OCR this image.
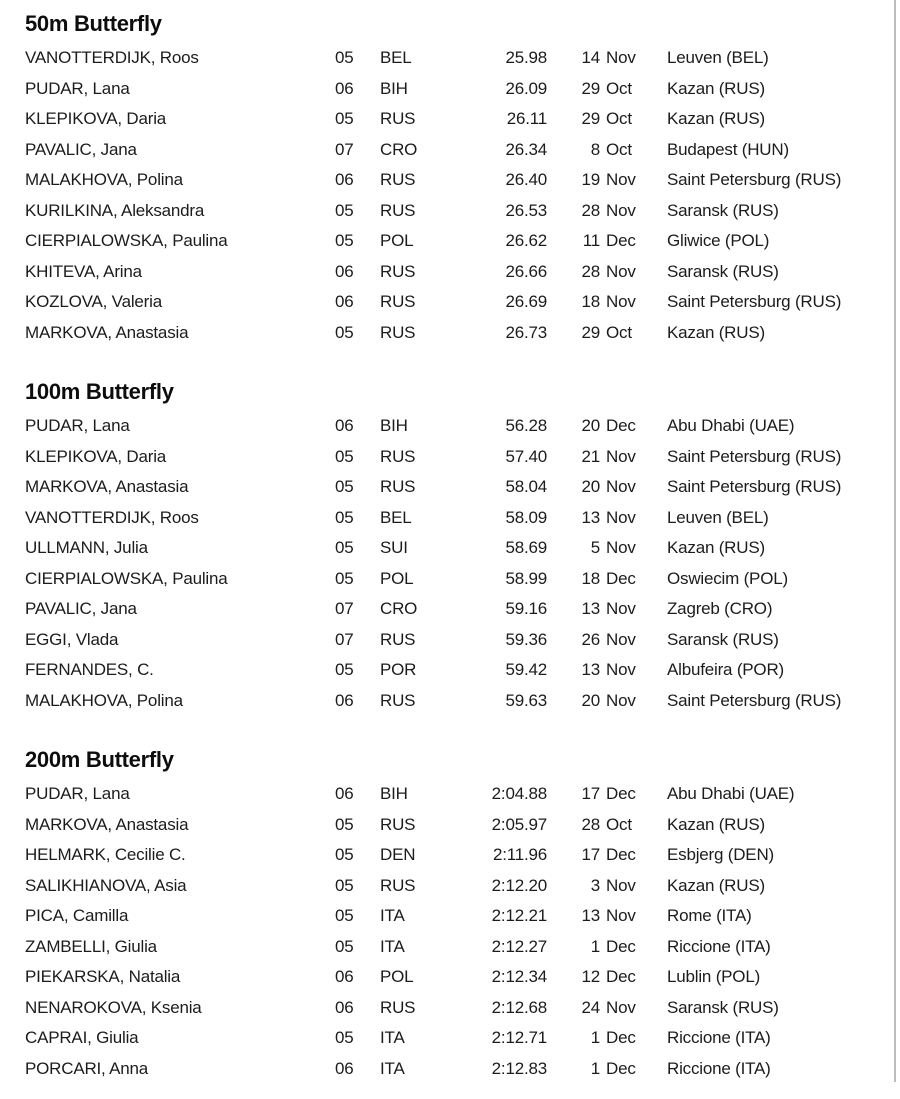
50m Butterfly
VANOTTERDIJK, Roos	05	BEL	25.98	14 Nov	Leuven (BEL)
PUDAR, Lana	06	BIH	26.09	29 Oct	Kazan (RUS)
KLEPIKOVA, Daria	05	RUS	26.11	29 Oct	Kazan (RUS)
PAVALIC, Jana	07	CRO	26.34	8 Oct	Budapest (HUN)
MALAKHOVA, Polina	06	RUS	26.40	19 Nov	Saint Petersburg (RUS)
KURILKINA, Aleksandra	05	RUS	26.53	28 Nov	Saransk (RUS)
CIERPIALOWSKA, Paulina	05	POL	26.62	11 Dec	Gliwice (POL)
KHITEVA, Arina	06	RUS	26.66	28 Nov	Saransk (RUS)
KOZLOVA, Valeria	06	RUS	26.69	18 Nov	Saint Petersburg (RUS)
MARKOVA, Anastasia	05	RUS	26.73	29 Oct	Kazan (RUS)
100m Butterfly
PUDAR, Lana	06	BIH	56.28	20 Dec	Abu Dhabi (UAE)
KLEPIKOVA, Daria	05	RUS	57.40	21 Nov	Saint Petersburg (RUS)
MARKOVA, Anastasia	05	RUS	58.04	20 Nov	Saint Petersburg (RUS)
VANOTTERDIJK, Roos	05	BEL	58.09	13 Nov	Leuven (BEL)
ULLMANN, Julia	05	SUI	58.69	5 Nov	Kazan (RUS)
CIERPIALOWSKA, Paulina	05	POL	58.99	18 Dec	Oswiecim (POL)
PAVALIC, Jana	07	CRO	59.16	13 Nov	Zagreb (CRO)
EGGI, Vlada	07	RUS	59.36	26 Nov	Saransk (RUS)
FERNANDES, C.	05	POR	59.42	13 Nov	Albufeira (POR)
MALAKHOVA, Polina	06	RUS	59.63	20 Nov	Saint Petersburg (RUS)
200m Butterfly
PUDAR, Lana	06	BIH	2:04.88	17 Dec	Abu Dhabi (UAE)
MARKOVA, Anastasia	05	RUS	2:05.97	28 Oct	Kazan (RUS)
HELMARK, Cecilie C.	05	DEN	2:11.96	17 Dec	Esbjerg (DEN)
SALIKHIANOVA, Asia	05	RUS	2:12.20	3 Nov	Kazan (RUS)
PICA, Camilla	05	ITA	2:12.21	13 Nov	Rome (ITA)
ZAMBELLI, Giulia	05	ITA	2:12.27	1 Dec	Riccione (ITA)
PIEKARSKA, Natalia	06	POL	2:12.34	12 Dec	Lublin (POL)
NENAROKOVA, Ksenia	06	RUS	2:12.68	24 Nov	Saransk (RUS)
CAPRAI, Giulia	05	ITA	2:12.71	1 Dec	Riccione (ITA)
PORCARI, Anna	06	ITA	2:12.83	1 Dec	Riccione (ITA)
